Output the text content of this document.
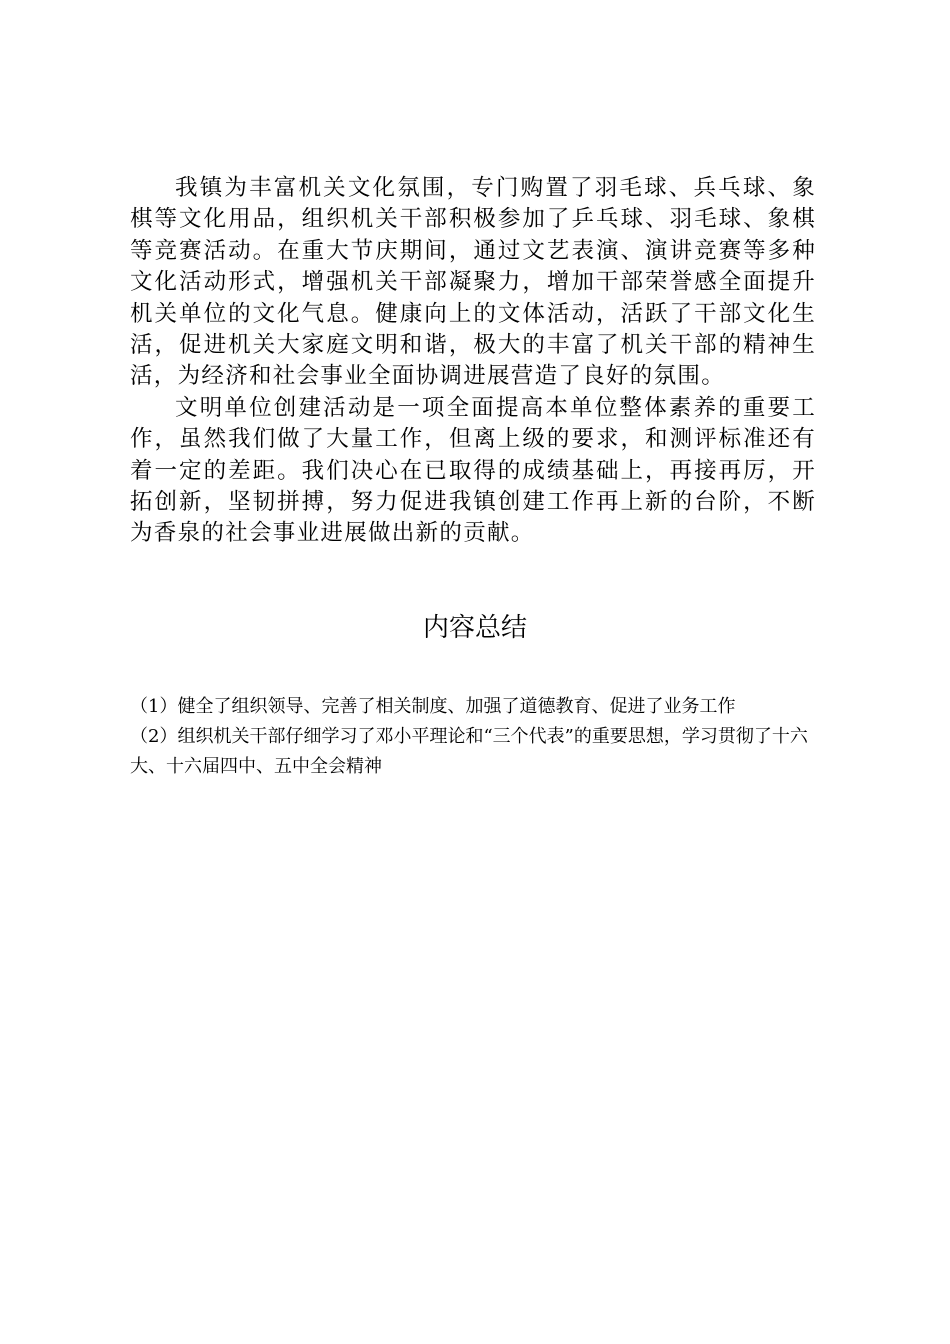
我镇为丰富机关文化氛围，专门购置了羽毛球、兵乓球、象棋等文化用品，组织机关干部积极参加了乒乓球、羽毛球、象棋等竞赛活动。在重大节庆期间，通过文艺表演、演讲竞赛等多种文化活动形式，增强机关干部凝聚力，增加干部荣誉感全面提升机关单位的文化气息。健康向上的文体活动，活跃了干部文化生活，促进机关大家庭文明和谐，极大的丰富了机关干部的精神生活，为经济和社会事业全面协调进展营造了良好的氛围。

文明单位创建活动是一项全面提高本单位整体素养的重要工作，虽然我们做了大量工作，但离上级的要求，和测评标准还有着一定的差距。我们决心在已取得的成绩基础上，再接再厉，开拓创新，坚韧拼搏，努力促进我镇创建工作再上新的台阶，不断为香泉的社会事业进展做出新的贡献。

内容总结
（1）健全了组织领导、完善了相关制度、加强了道德教育、促进了业务工作
（2）组织机关干部仔细学习了邓小平理论和“三个代表”的重要思想，学习贯彻了十六大、十六届四中、五中全会精神
